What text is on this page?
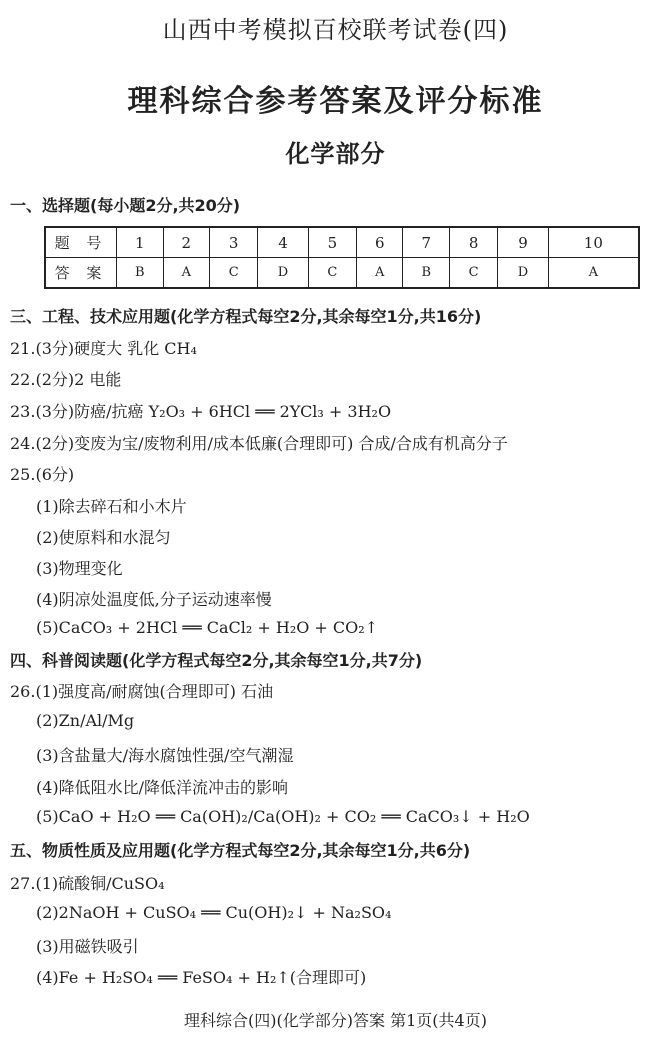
山西中考模拟百校联考试卷(四)
理科综合参考答案及评分标准
化学部分
一、选择题(每小题2分,共20分)
题 号	1	2	3	4	5	6	7	8	9	10
答 案	B	A	C	D	C	A	B	C	D	A
三、工程、技术应用题(化学方程式每空2分,其余每空1分,共16分)
21.(3分)硬度大 乳化 CH₄
22.(2分)2 电能
23.(3分)防癌/抗癌 Y₂O₃ + 6HCl ══ 2YCl₃ + 3H₂O
24.(2分)变废为宝/废物利用/成本低廉(合理即可) 合成/合成有机高分子
25.(6分)
(1)除去碎石和小木片
(2)使原料和水混匀
(3)物理变化
(4)阴凉处温度低,分子运动速率慢
(5)CaCO₃ + 2HCl ══ CaCl₂ + H₂O + CO₂↑
四、科普阅读题(化学方程式每空2分,其余每空1分,共7分)
26.(1)强度高/耐腐蚀(合理即可) 石油
(2)Zn/Al/Mg
(3)含盐量大/海水腐蚀性强/空气潮湿
(4)降低阻水比/降低洋流冲击的影响
(5)CaO + H₂O ══ Ca(OH)₂/Ca(OH)₂ + CO₂ ══ CaCO₃↓ + H₂O
五、物质性质及应用题(化学方程式每空2分,其余每空1分,共6分)
27.(1)硫酸铜/CuSO₄
(2)2NaOH + CuSO₄ ══ Cu(OH)₂↓ + Na₂SO₄
(3)用磁铁吸引
(4)Fe + H₂SO₄ ══ FeSO₄ + H₂↑(合理即可)
理科综合(四)(化学部分)答案 第1页(共4页)
